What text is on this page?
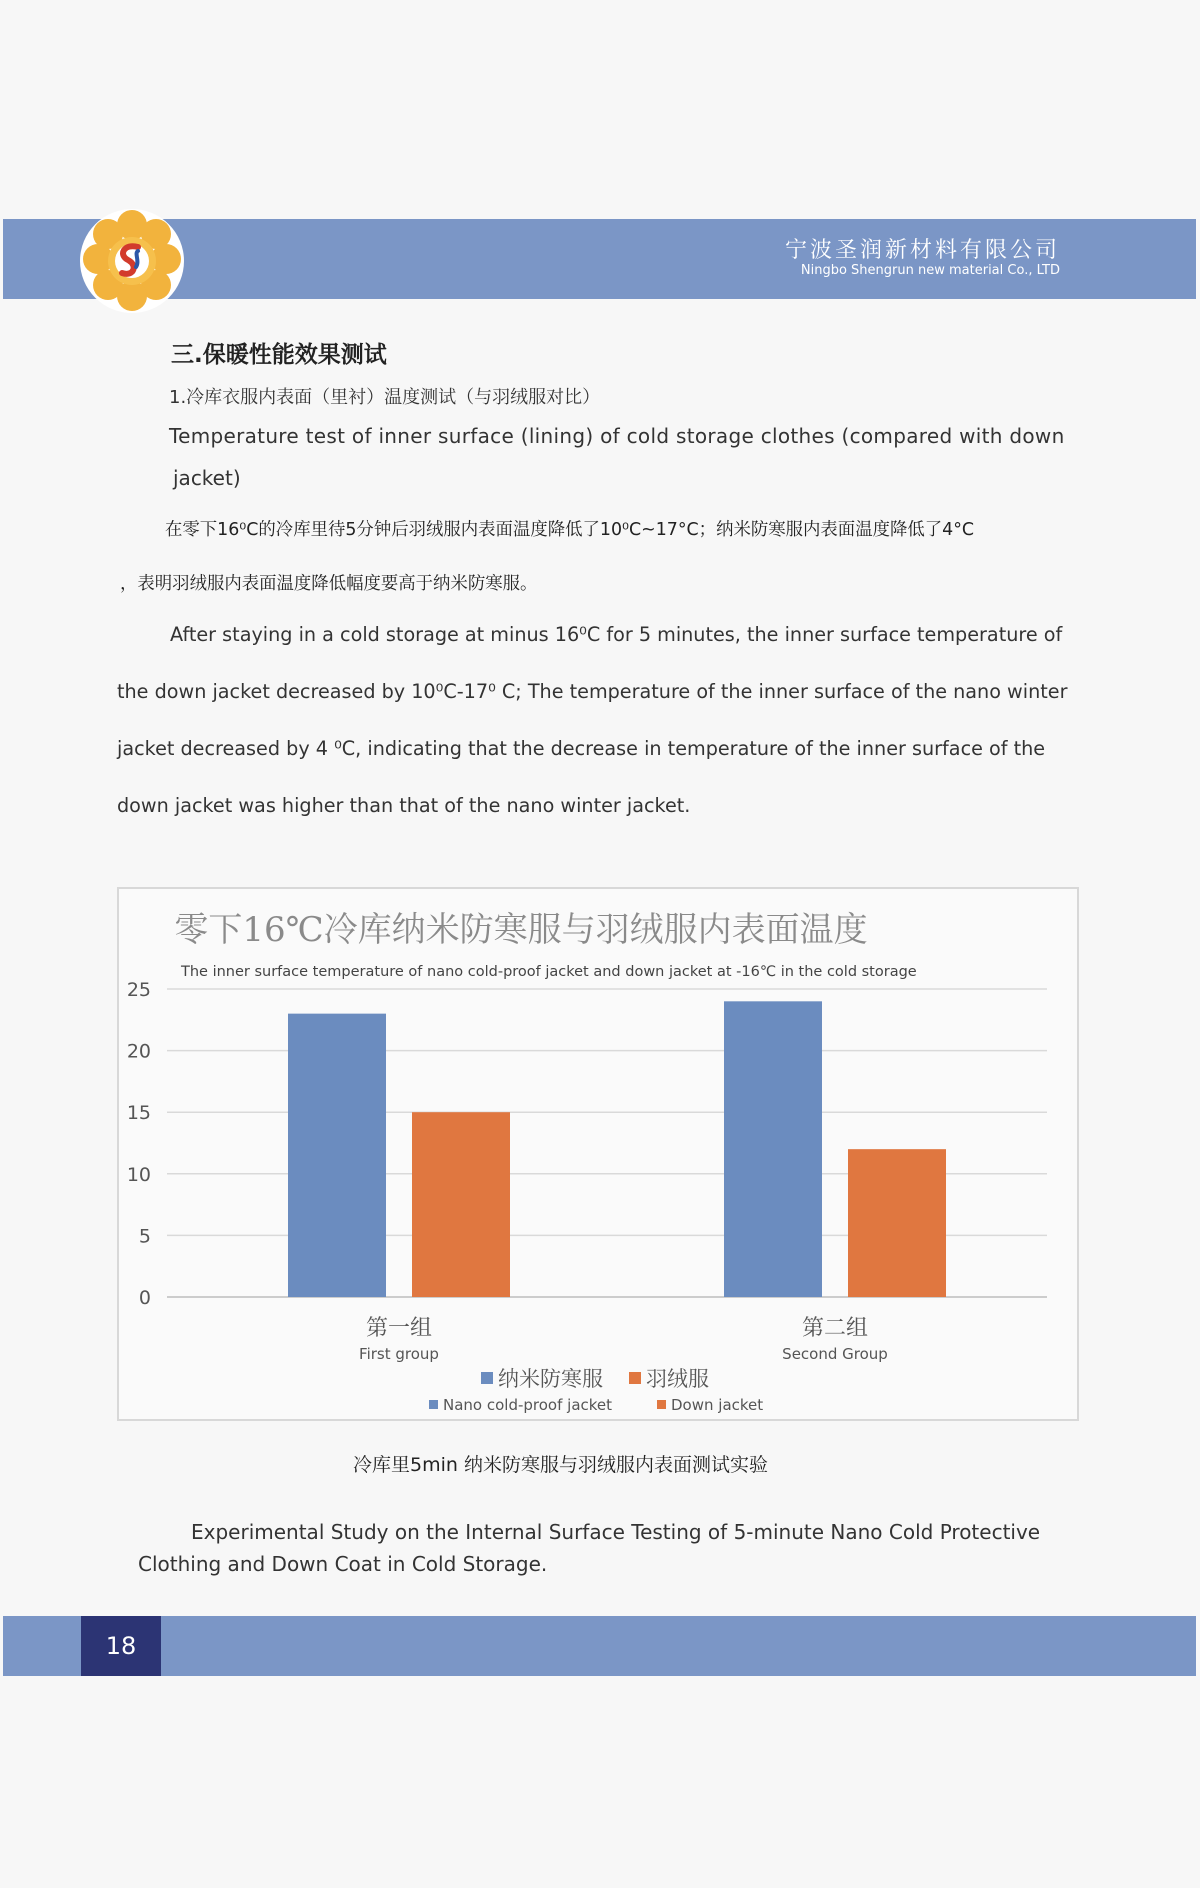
宁波圣润新材料有限公司
Ningbo Shengrun new material Co., LTD
三.保暖性能效果测试
1.冷库衣服内表面（里衬）温度测试（与羽绒服对比）
Temperature test of inner surface (lining) of cold storage clothes (compared with down
jacket)
在零下16⁰C的冷库里待5分钟后羽绒服内表面温度降低了10⁰C~17°C；纳米防寒服内表面温度降低了4°C
，表明羽绒服内表面温度降低幅度要高于纳米防寒服。
After staying in a cold storage at minus 16⁰C for 5 minutes, the inner surface temperature of
the down jacket decreased by 10⁰C-17⁰ C; The temperature of the inner surface of the nano winter
jacket decreased by 4 ⁰C, indicating that the decrease in temperature of the inner surface of the
down jacket was higher than that of the nano winter jacket.
零下16℃冷库纳米防寒服与羽绒服内表面温度
The inner surface temperature of nano cold-proof jacket and down jacket at -16℃ in the cold storage
0
5
10
15
20
25
第一组
First group
第二组
Second Group
纳米防寒服
Nano cold-proof jacket
羽绒服
Down jacket
冷库里5min 纳米防寒服与羽绒服内表面测试实验
Experimental Study on the Internal Surface Testing of 5-minute Nano Cold Protective
Clothing and Down Coat in Cold Storage.
18
